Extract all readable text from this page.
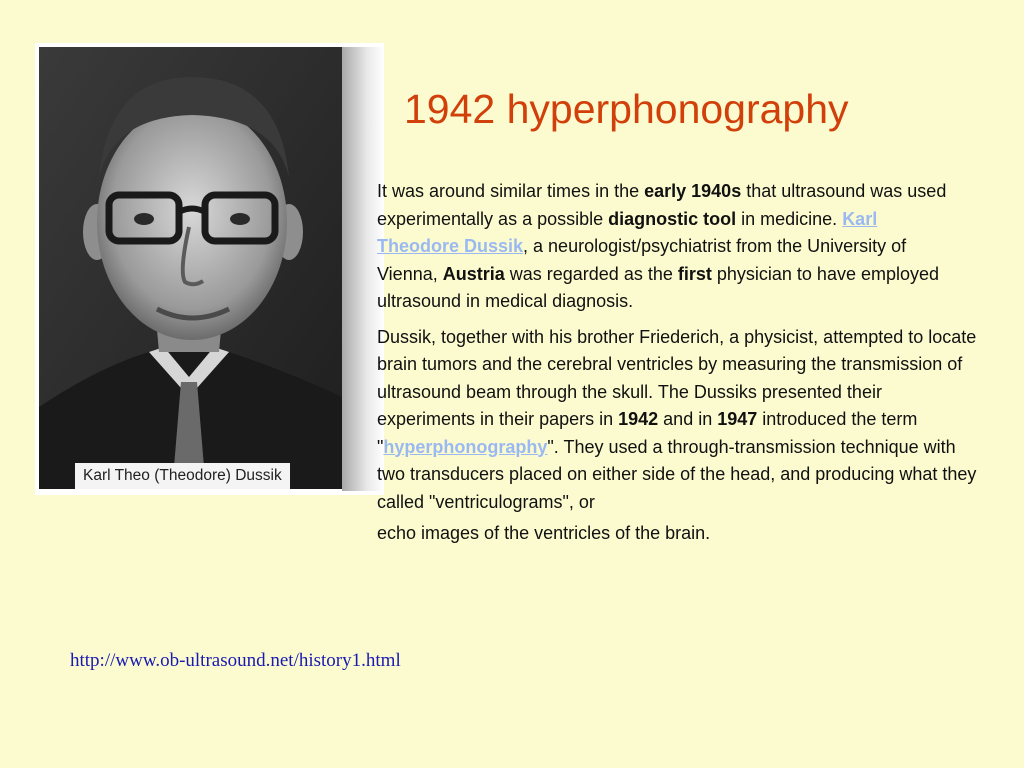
Karl Theo (Theodore) Dussik
1942 hyperphonography

It was around similar times in the early 1940s that ultrasound was used experimentally as a possible diagnostic tool in medicine. Karl Theodore Dussik, a neurologist/psychiatrist from the University of Vienna, Austria was regarded as the first physician to have employed ultrasound in medical diagnosis.

Dussik, together with his brother Friederich, a physicist, attempted to locate brain tumors and the cerebral ventricles by measuring the transmission of ultrasound beam through the skull. The Dussiks presented their experiments in their papers in 1942 and in 1947 introduced the term "hyperphonography". They used a through-transmission technique with two transducers placed on either side of the head, and producing what they called "ventriculograms", or
echo images of the ventricles of the brain.

http://www.ob-ultrasound.net/history1.html
